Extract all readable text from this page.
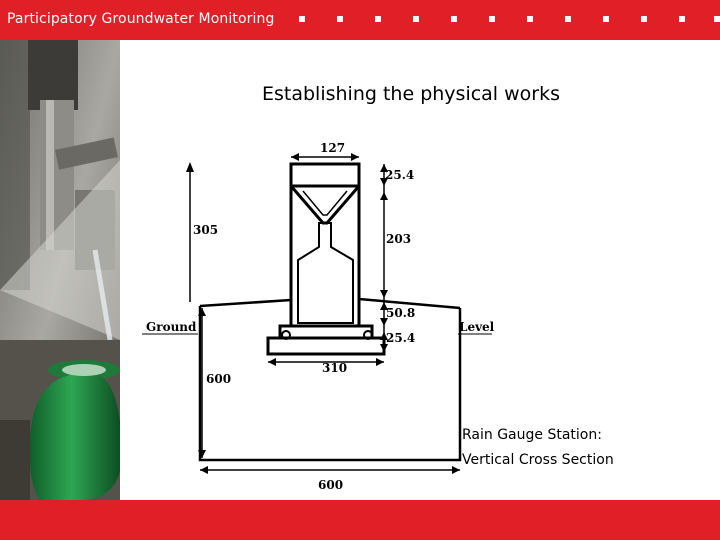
Participatory Groundwater Monitoring
Establishing the physical works
127
25.4
305
203
50.8
25.4
310
600
600
Ground	Level
Rain Gauge Station:
Vertical Cross Section
